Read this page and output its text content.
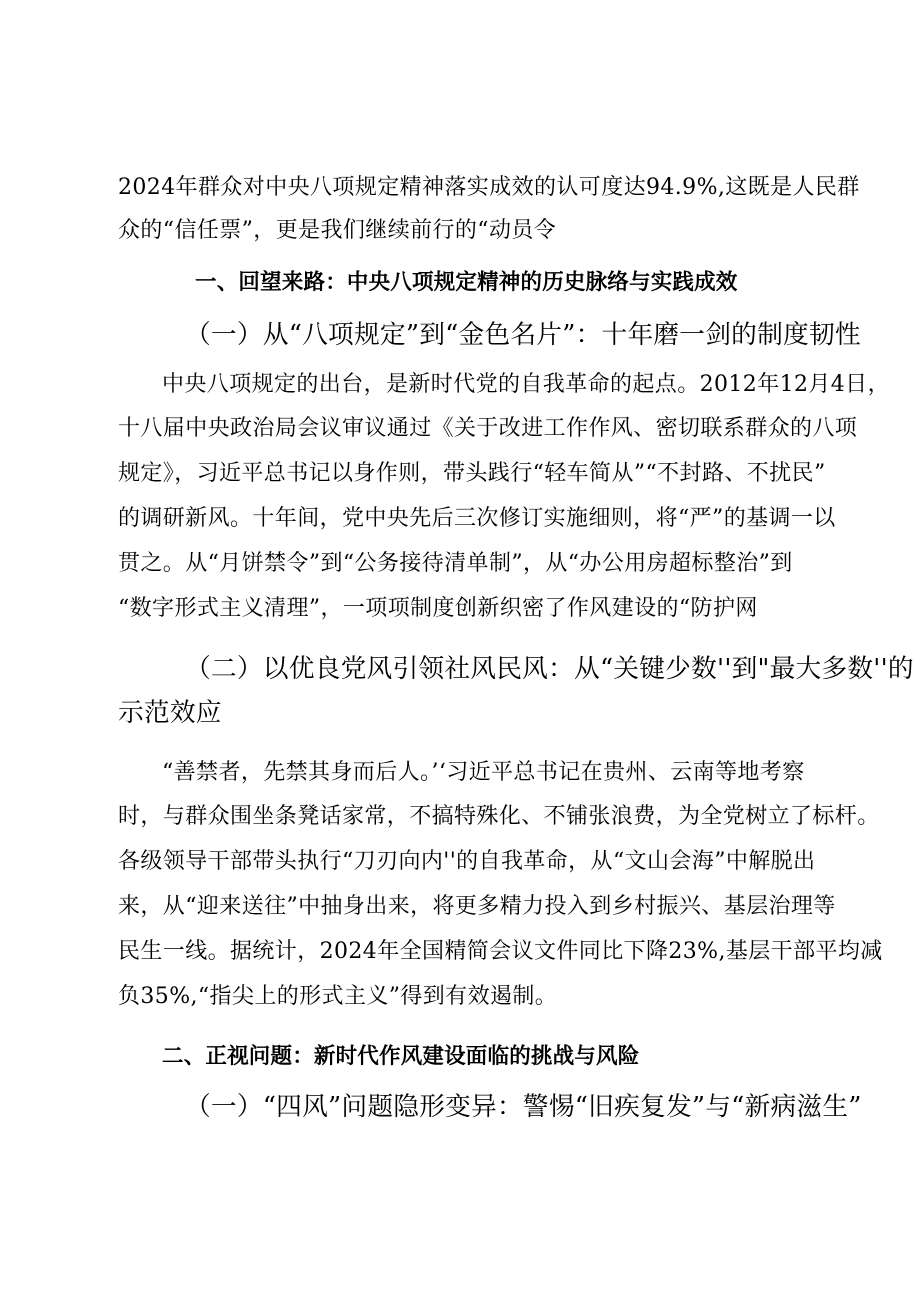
2024年群众对中央八项规定精神落实成效的认可度达94.9%,这既是人民群

众的“信任票”，更是我们继续前行的“动员令

一、回望来路：中央八项规定精神的历史脉络与实践成效
（一）从“八项规定”到“金色名片”：十年磨一剑的制度韧性

中央八项规定的出台，是新时代党的自我革命的起点。2012年12月4日，

十八届中央政治局会议审议通过《关于改进工作作风、密切联系群众的八项

规定》，习近平总书记以身作则，带头践行“轻车简从”“不封路、不扰民”

的调研新风。十年间，党中央先后三次修订实施细则，将“严”的基调一以

贯之。从“月饼禁令”到“公务接待清单制”，从“办公用房超标整治”到

“数字形式主义清理”，一项项制度创新织密了作风建设的“防护网

（二）以优良党风引领社风民风：从“关键少数''到"最大多数''的
示范效应

“善禁者，先禁其身而后人。’‘习近平总书记在贵州、云南等地考察

时，与群众围坐条凳话家常，不搞特殊化、不铺张浪费，为全党树立了标杆。

各级领导干部带头执行“刀刃向内''的自我革命，从“文山会海”中解脱出

来，从“迎来送往”中抽身出来，将更多精力投入到乡村振兴、基层治理等

民生一线。据统计，2024年全国精简会议文件同比下降23%,基层干部平均减

负35%,“指尖上的形式主义”得到有效遏制。

二、正视问题：新时代作风建设面临的挑战与风险
（一）“四风”问题隐形变异：警惕“旧疾复发”与“新病滋生”
